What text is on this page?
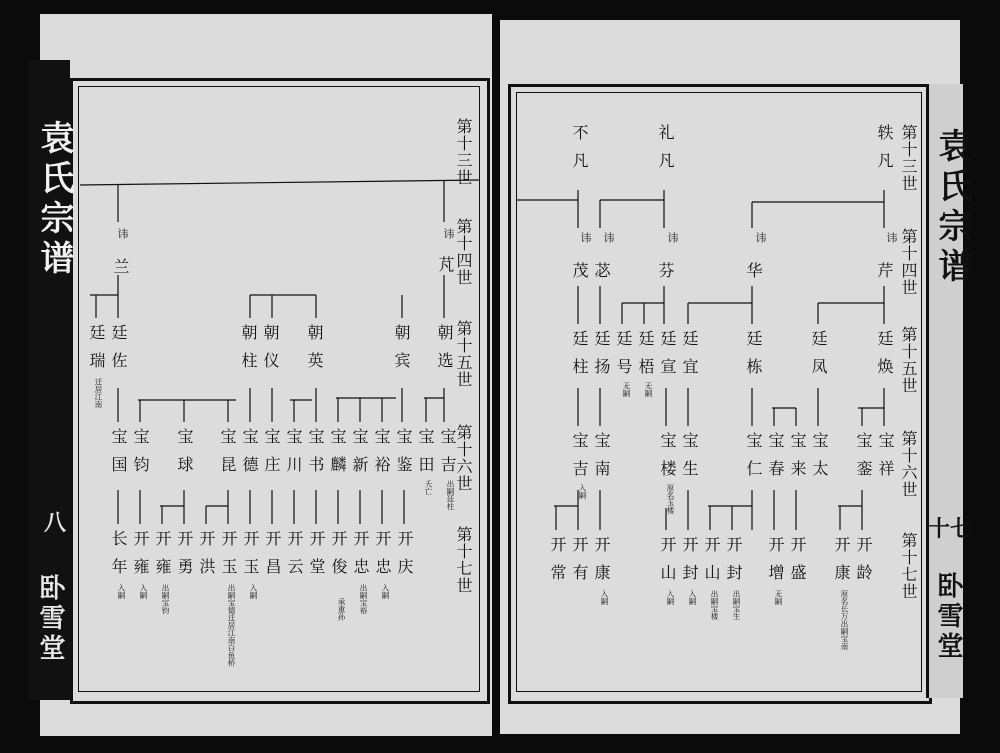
袁氏宗谱
八
卧雪堂
第十三世
第十四世
第十五世
第十六世
第十七世
讳
兰
讳
芃
廷瑞
迁居江南
廷佐	朝柱 朝仪 朝英	朝宾 朝选
宝国 宝钧 宝球 宝昆 宝德 宝庄 宝川 宝书 宝麟 宝新 宝裕 宝鉴 宝田
夭亡
宝吉
出嗣廷柱
长年
入嗣
开雍
入嗣
开雍
出嗣宝钧
开勇 开洪 开玉
出嗣宝德迁居江南白鱼桥
开玉
入嗣
开昌 开云 开堂 开俊 开忠
承重孙 出嗣宝裕
开忠
入嗣
开庆
袁氏宗谱
十七
卧雪堂
第十三世
第十四世
第十五世
第十六世
第十七世
不凡	礼凡	轶凡
讳 讳	讳	讳	讳
茂 苾	芬	华	芹
廷柱 廷扬 廷号
无嗣
廷梧
无嗣
廷宣 廷宜	廷栋	廷凤	廷焕
宝吉
入嗣
宝南	宝楼
原名玉楼
宝生	宝仁 宝春 宝来 宝太 宝銮 宝祥
开常 开有 开康
入嗣
开山
入嗣
开封
入嗣
开山
出嗣宝楼
开封
出嗣宝生
开增
无嗣
开盛 开康
原名长万出嗣宝南
开龄
